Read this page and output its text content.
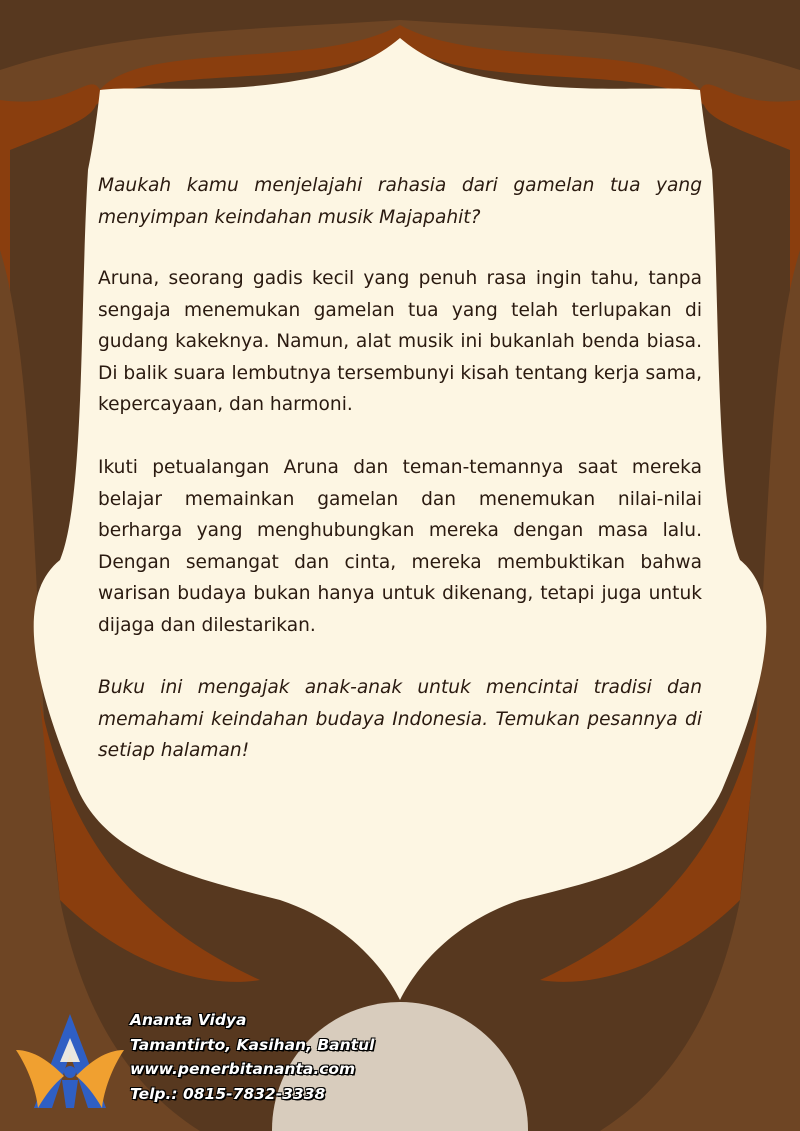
Maukah kamu menjelajahi rahasia dari gamelan tua yang menyimpan keindahan musik Majapahit?

Aruna, seorang gadis kecil yang penuh rasa ingin tahu, tanpa sengaja menemukan gamelan tua yang telah terlupakan di gudang kakeknya. Namun, alat musik ini bukanlah benda biasa. Di balik suara lembutnya tersembunyi kisah tentang kerja sama, kepercayaan, dan harmoni.

Ikuti petualangan Aruna dan teman-temannya saat mereka belajar memainkan gamelan dan menemukan nilai-nilai berharga yang menghubungkan mereka dengan masa lalu. Dengan semangat dan cinta, mereka membuktikan bahwa warisan budaya bukan hanya untuk dikenang, tetapi juga untuk dijaga dan dilestarikan.

Buku ini mengajak anak-anak untuk mencintai tradisi dan memahami keindahan budaya Indonesia. Temukan pesannya di setiap halaman!

Ananta Vidya
Tamantirto, Kasihan, Bantul
www.penerbitananta.com
Telp.: 0815-7832-3338
